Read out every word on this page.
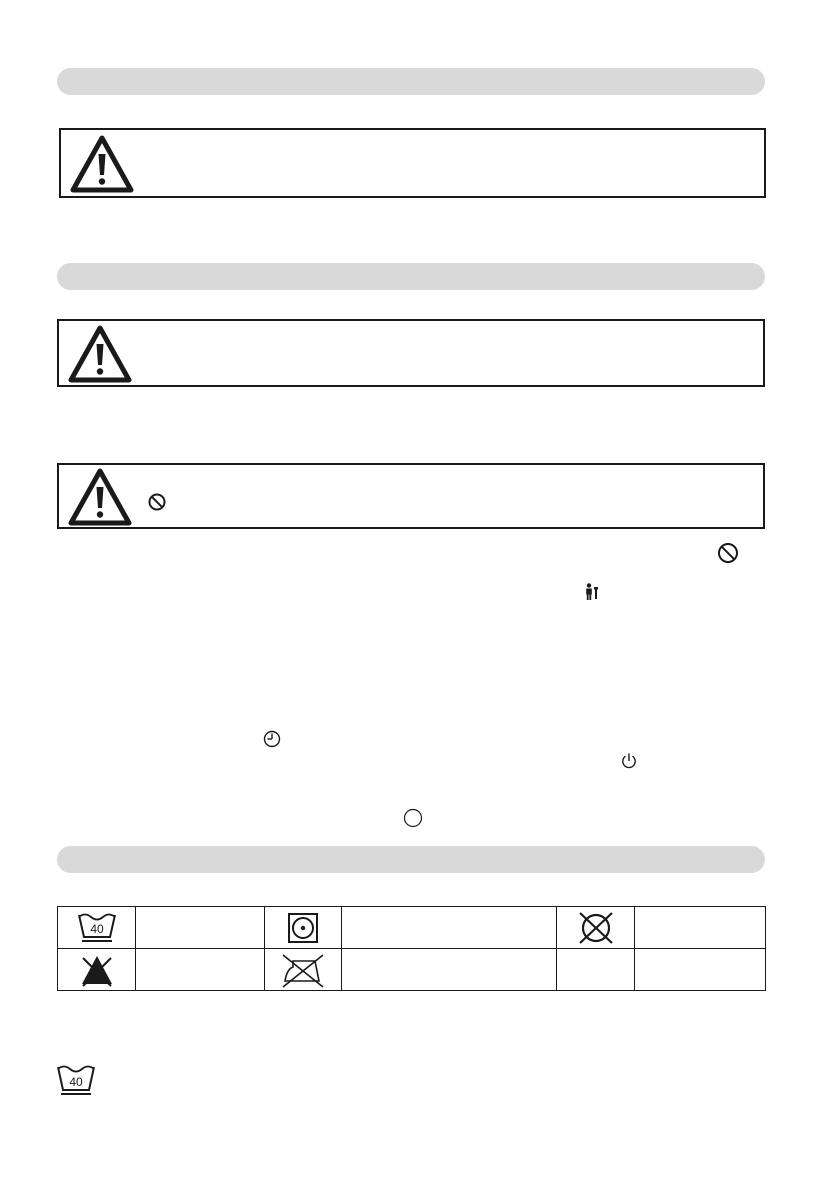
40

40
